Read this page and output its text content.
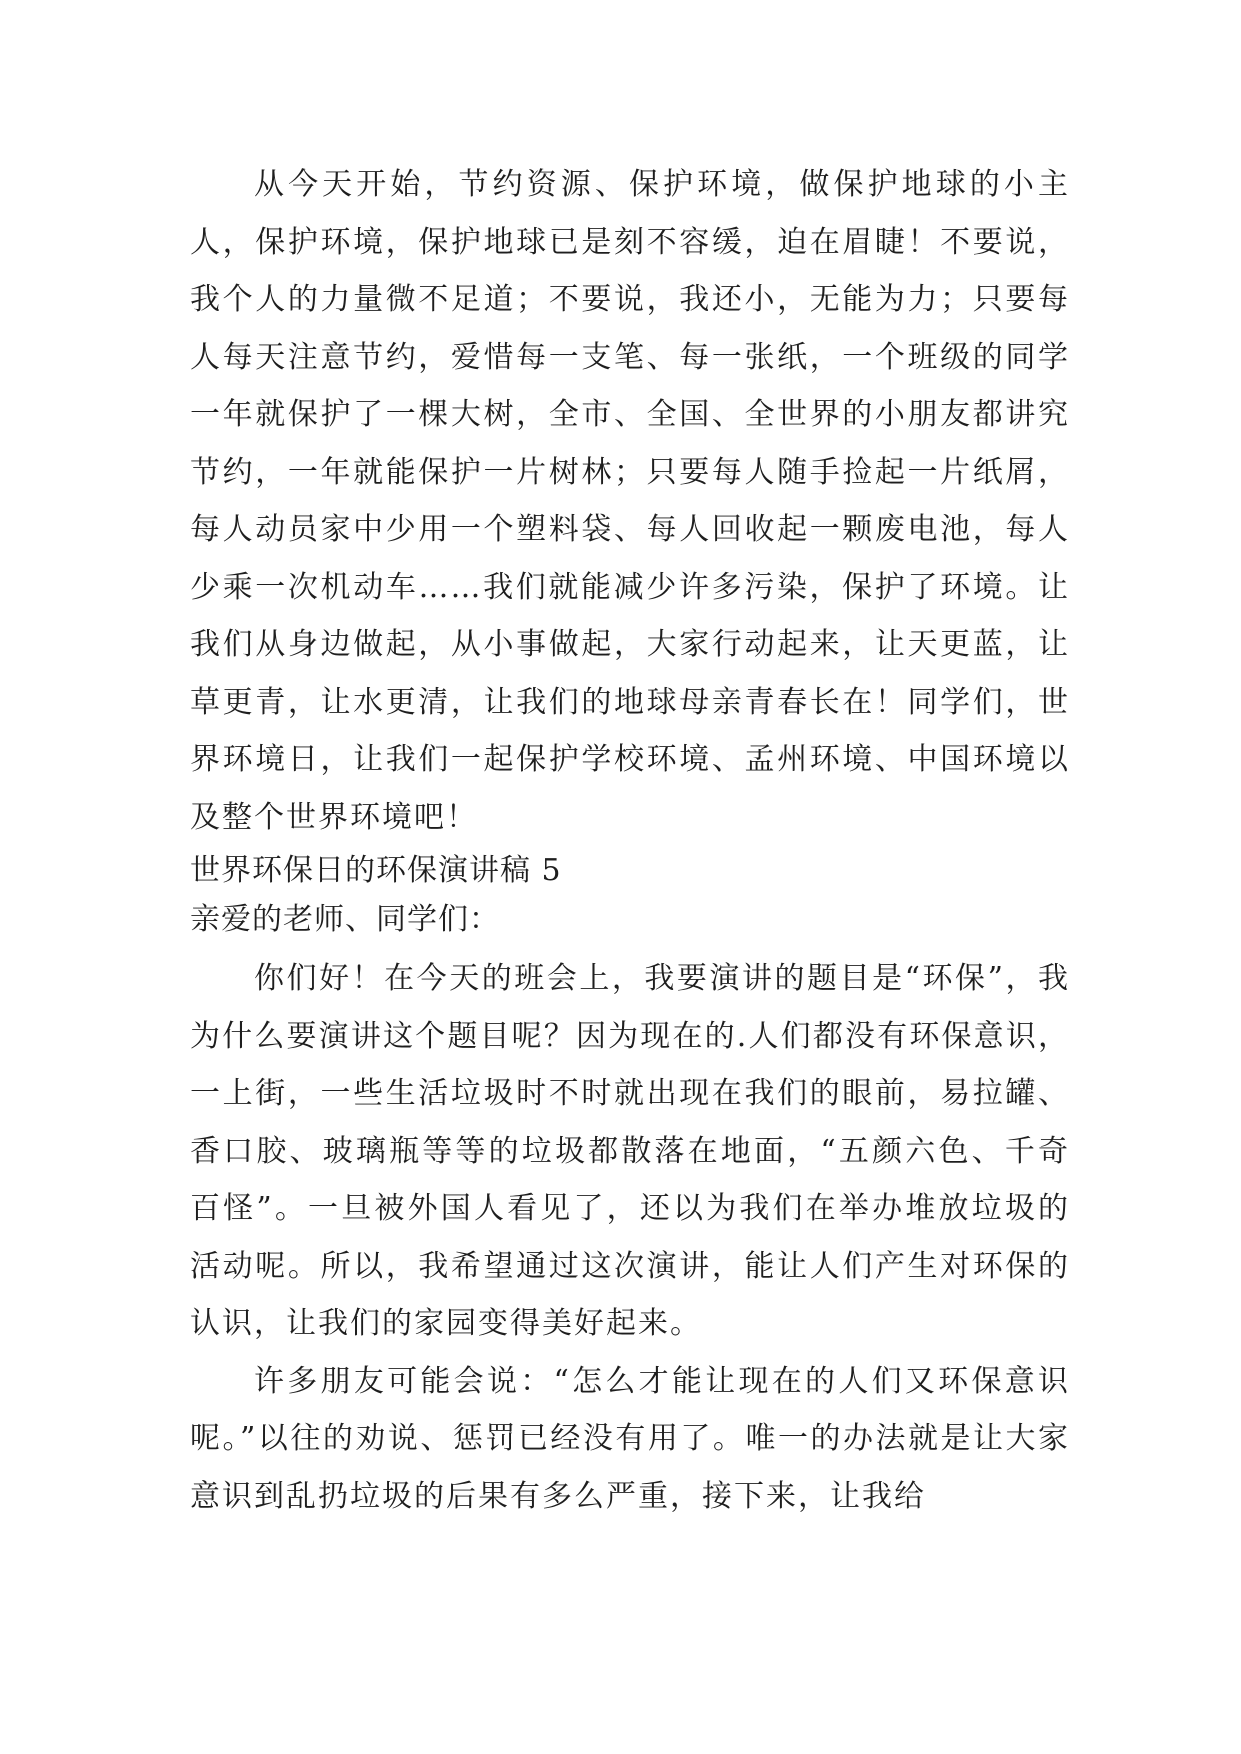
从今天开始，节约资源、保护环境，做保护地球的小主人，保护环境，保护地球已是刻不容缓，迫在眉睫！不要说，我个人的力量微不足道；不要说，我还小，无能为力；只要每人每天注意节约，爱惜每一支笔、每一张纸，一个班级的同学一年就保护了一棵大树，全市、全国、全世界的小朋友都讲究节约，一年就能保护一片树林；只要每人随手捡起一片纸屑，每人动员家中少用一个塑料袋、每人回收起一颗废电池，每人少乘一次机动车……我们就能减少许多污染，保护了环境。让我们从身边做起，从小事做起，大家行动起来，让天更蓝，让草更青，让水更清，让我们的地球母亲青春长在！同学们，世界环境日，让我们一起保护学校环境、孟州环境、中国环境以及整个世界环境吧！

世界环保日的环保演讲稿 5

亲爱的老师、同学们：

你们好！在今天的班会上，我要演讲的题目是“环保”，我为什么要演讲这个题目呢？因为现在的.人们都没有环保意识，一上街，一些生活垃圾时不时就出现在我们的眼前，易拉罐、香口胶、玻璃瓶等等的垃圾都散落在地面，“五颜六色、千奇百怪”。一旦被外国人看见了，还以为我们在举办堆放垃圾的活动呢。所以，我希望通过这次演讲，能让人们产生对环保的认识，让我们的家园变得美好起来。

许多朋友可能会说：“怎么才能让现在的人们又环保意识呢。”以往的劝说、惩罚已经没有用了。唯一的办法就是让大家意识到乱扔垃圾的后果有多么严重，接下来，让我给
